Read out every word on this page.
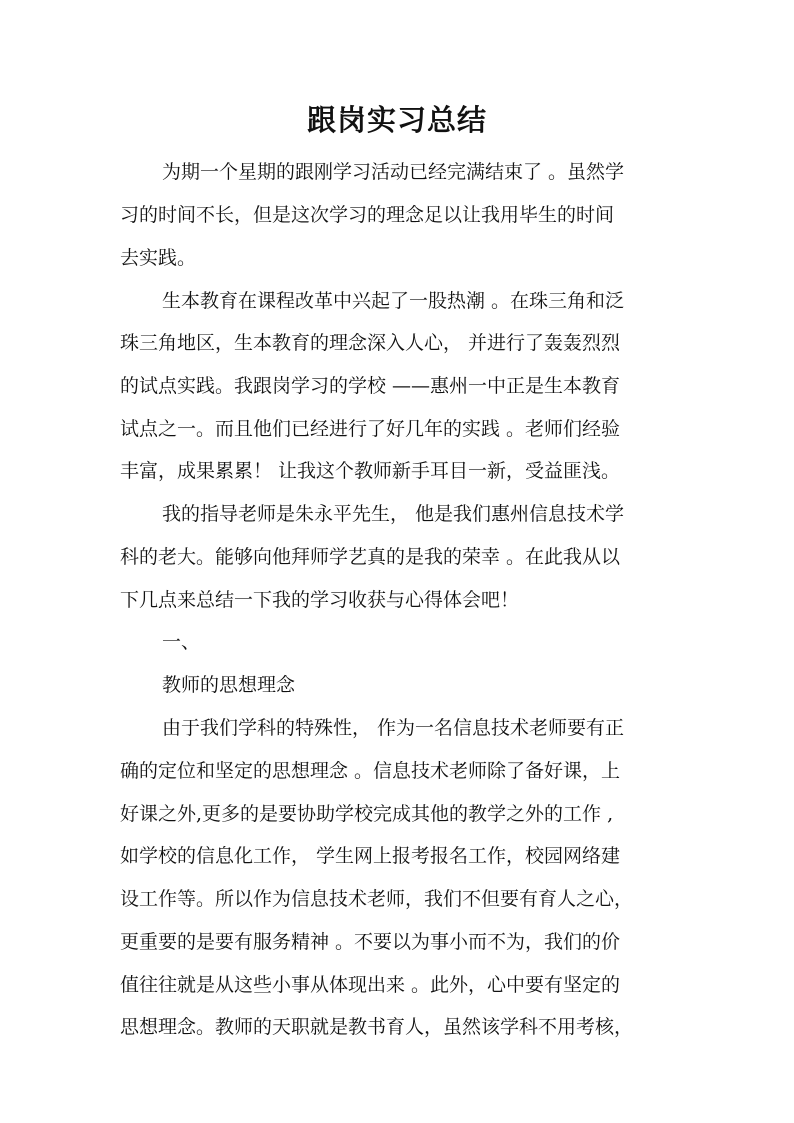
跟岗实习总结
为期一个星期的跟刚学习活动已经完满结束了 。虽然学
习的时间不长，但是这次学习的理念足以让我用毕生的时间
去实践。
生本教育在课程改革中兴起了一股热潮 。在珠三角和泛
珠三角地区，生本教育的理念深入人心， 并进行了轰轰烈烈
的试点实践。我跟岗学习的学校 ——惠州一中正是生本教育
试点之一。而且他们已经进行了好几年的实践 。老师们经验
丰富，成果累累！ 让我这个教师新手耳目一新，受益匪浅。
我的指导老师是朱永平先生， 他是我们惠州信息技术学
科的老大。能够向他拜师学艺真的是我的荣幸 。在此我从以
下几点来总结一下我的学习收获与心得体会吧！
一、
教师的思想理念
由于我们学科的特殊性， 作为一名信息技术老师要有正
确的定位和坚定的思想理念 。信息技术老师除了备好课，上
好课之外,更多的是要协助学校完成其他的教学之外的工作 ,
如学校的信息化工作， 学生网上报考报名工作，校园网络建
设工作等。所以作为信息技术老师，我们不但要有育人之心，
更重要的是要有服务精神 。不要以为事小而不为，我们的价
值往往就是从这些小事从体现出来 。此外，心中要有坚定的
思想理念。教师的天职就是教书育人，虽然该学科不用考核，
